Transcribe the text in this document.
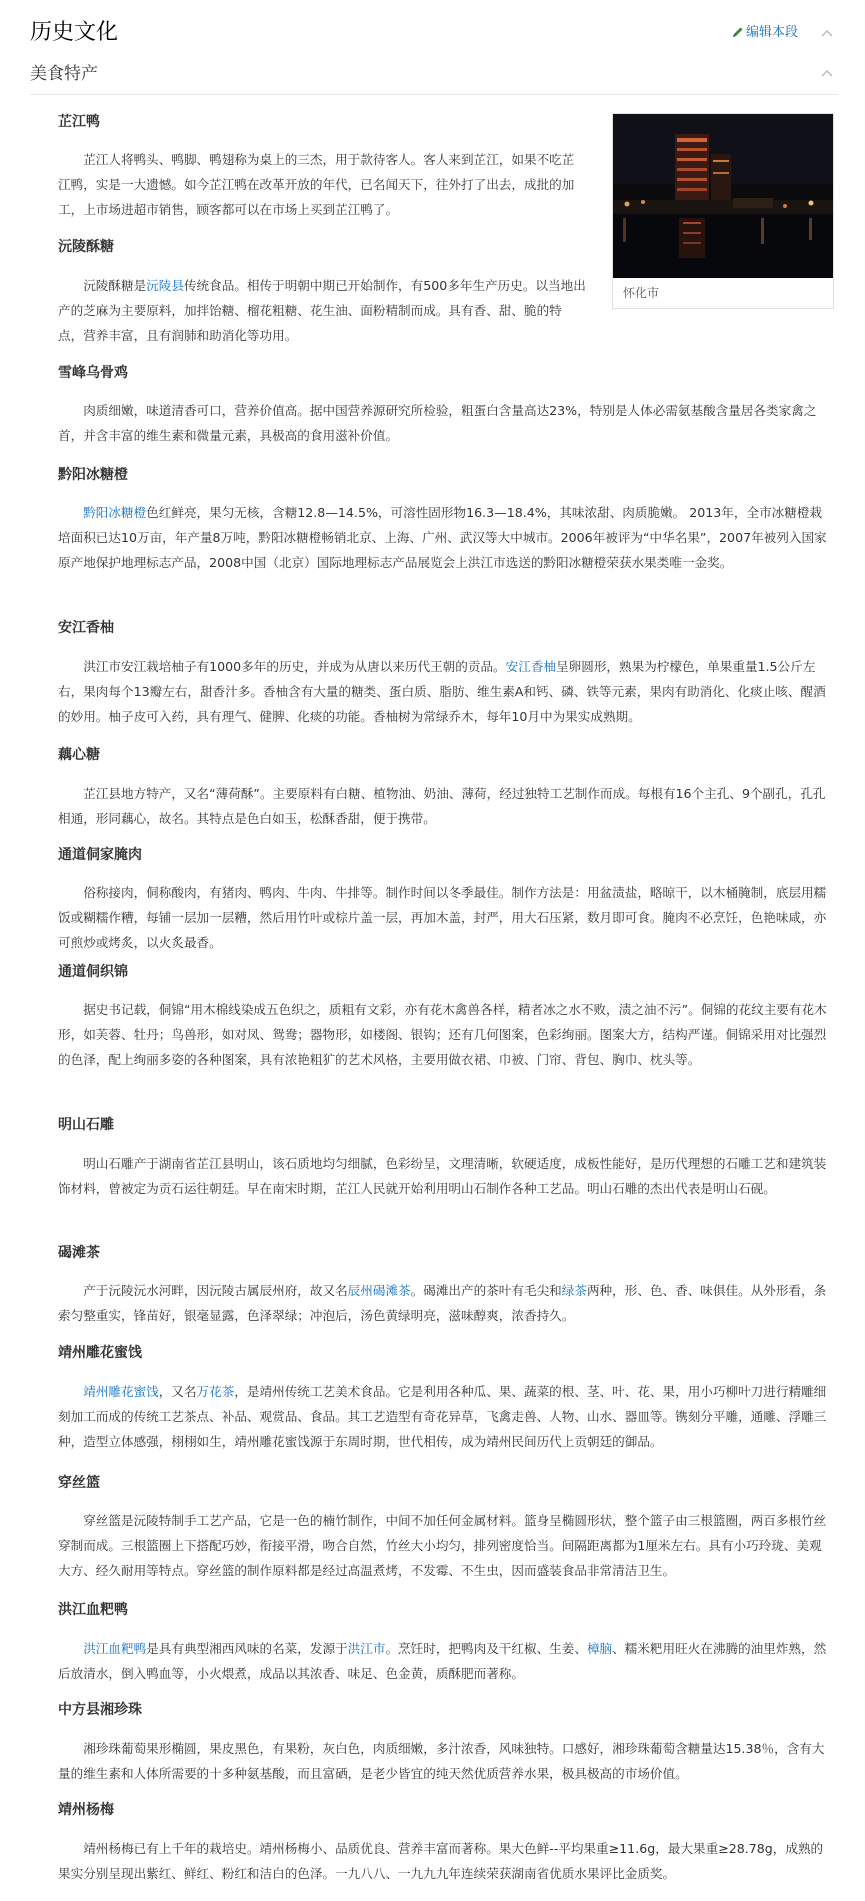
历史文化	编辑本段
美食特产
怀化市
芷江鸭

芷江人将鸭头、鸭脚、鸭翅称为桌上的三杰，用于款待客人。客人来到芷江，如果不吃芷江鸭，实是一大遗憾。如今芷江鸭在改革开放的年代，已名闻天下，往外打了出去，成批的加工，上市场进超市销售，顾客都可以在市场上买到芷江鸭了。

沅陵酥糖

沅陵酥糖是沅陵县传统食品。相传于明朝中期已开始制作，有500多年生产历史。以当地出产的芝麻为主要原料，加拌饴糖、榴花粗糖、花生油、面粉精制而成。具有香、甜、脆的特点，营养丰富，且有润肺和助消化等功用。

雪峰乌骨鸡

肉质细嫩，味道清香可口，营养价值高。据中国营养源研究所检验，粗蛋白含量高达23%，特别是人体必需氨基酸含量居各类家禽之首，并含丰富的维生素和微量元素，具极高的食用滋补价值。

黔阳冰糖橙

黔阳冰糖橙色红鲜亮，果匀无核，含糖12.8—14.5%，可溶性固形物16.3—18.4%，其味浓甜、肉质脆嫩。 2013年，全市冰糖橙栽培面积已达10万亩，年产量8万吨，黔阳冰糖橙畅销北京、上海、广州、武汉等大中城市。2006年被评为“中华名果”，2007年被列入国家原产地保护地理标志产品，2008中国（北京）国际地理标志产品展览会上洪江市选送的黔阳冰糖橙荣获水果类唯一金奖。

安江香柚

洪江市安江栽培柚子有1000多年的历史，并成为从唐以来历代王朝的贡品。安江香柚呈卵圆形，熟果为柠檬色，单果重量1.5公斤左右，果肉每个13瓣左右，甜香汁多。香柚含有大量的糖类、蛋白质、脂肪、维生素A和钙、磷、铁等元素，果肉有助消化、化痰止咳、醒酒的妙用。柚子皮可入药，具有理气、健脾、化痰的功能。香柚树为常绿乔木，每年10月中为果实成熟期。

藕心糖

芷江县地方特产，又名“薄荷酥”。主要原料有白糖、植物油、奶油、薄荷，经过独特工艺制作而成。每根有16个主孔、9个副孔，孔孔相通，形同藕心，故名。其特点是色白如玉，松酥香甜，便于携带。

通道侗家腌肉

俗称接肉，侗称酸肉，有猪肉、鸭肉、牛肉、牛排等。制作时间以冬季最佳。制作方法是：用盆渍盐，略晾干，以木桶腌制，底层用糯饭或糊糯作糟，每铺一层加一层糟，然后用竹叶或棕片盖一层，再加木盖，封严，用大石压紧，数月即可食。腌肉不必烹饪，色艳味咸，亦可煎炒或烤炙，以火炙最香。

通道侗织锦

据史书记载，侗锦“用木棉线染成五色织之，质粗有文彩，亦有花木禽兽各样，精者冰之水不败，渍之油不污”。侗锦的花纹主要有花木形，如芙蓉、牡丹；鸟兽形，如对凤、鸳鸯；器物形，如楼阁、银钩；还有几何图案，色彩绚丽。图案大方，结构严谨。侗锦采用对比强烈的色泽，配上绚丽多姿的各种图案，具有浓艳粗犷的艺术风格，主要用做衣裙、巾被、门帘、背包、胸巾、枕头等。

明山石雕

明山石雕产于湖南省芷江县明山，该石质地均匀细腻，色彩纷呈，文理清晰，软硬适度，成板性能好，是历代理想的石雕工艺和建筑装饰材料，曾被定为贡石运往朝廷。早在南宋时期，芷江人民就开始利用明山石制作各种工艺品。明山石雕的杰出代表是明山石砚。

碣滩茶

产于沅陵沅水河畔，因沅陵古属辰州府，故又名辰州碣滩茶。碣滩出产的茶叶有毛尖和绿茶两种，形、色、香、味俱佳。从外形看，条索匀整重实，锋苗好，银毫显露，色泽翠绿；冲泡后，汤色黄绿明亮，滋味醇爽，浓香持久。

靖州雕花蜜饯

靖州雕花蜜饯，又名万花茶，是靖州传统工艺美术食品。它是利用各种瓜、果、蔬菜的根、茎、叶、花、果，用小巧柳叶刀进行精雕细刻加工而成的传统工艺茶点、补品、观赏品、食品。其工艺造型有奇花异草，飞禽走兽、人物、山水、器皿等。镌刻分平雕，通雕、浮雕三种，造型立体感强，栩栩如生，靖州雕花蜜饯源于东周时期，世代相传，成为靖州民间历代上贡朝廷的御品。

穿丝篮

穿丝篮是沅陵特制手工艺产品，它是一色的楠竹制作，中间不加任何金属材料。篮身呈椭圆形状，整个篮子由三根篮圈，两百多根竹丝穿制而成。三根篮圈上下搭配巧妙，衔接平滑，吻合自然，竹丝大小均匀，排列密度恰当。间隔距离都为1厘米左右。具有小巧玲珑、美观大方、经久耐用等特点。穿丝篮的制作原料都是经过高温煮烤，不发霉、不生虫，因而盛装食品非常清洁卫生。

洪江血粑鸭

洪江血粑鸭是具有典型湘西风味的名菜，发源于洪江市。烹饪时，把鸭肉及干红椒、生姜、樟脑、糯米粑用旺火在沸腾的油里炸熟，然后放清水，倒入鸭血等，小火煨煮，成品以其浓香、味足、色金黄，质酥肥而著称。

中方县湘珍珠

湘珍珠葡萄果形椭圆，果皮黑色，有果粉，灰白色，肉质细嫩，多汁浓香，风味独特。口感好，湘珍珠葡萄含糖量达15.38％，含有大量的维生素和人体所需要的十多种氨基酸，而且富硒，是老少皆宜的纯天然优质营养水果，极具极高的市场价值。

靖州杨梅

靖州杨梅已有上千年的栽培史。靖州杨梅小、品质优良、营养丰富而著称。果大色鲜--平均果重≥11.6g，最大果重≥28.78g，成熟的果实分别呈现出紫红、鲜红、粉红和洁白的色泽。一九八八、一九九九年连续荣获湖南省优质水果评比金质奖。
